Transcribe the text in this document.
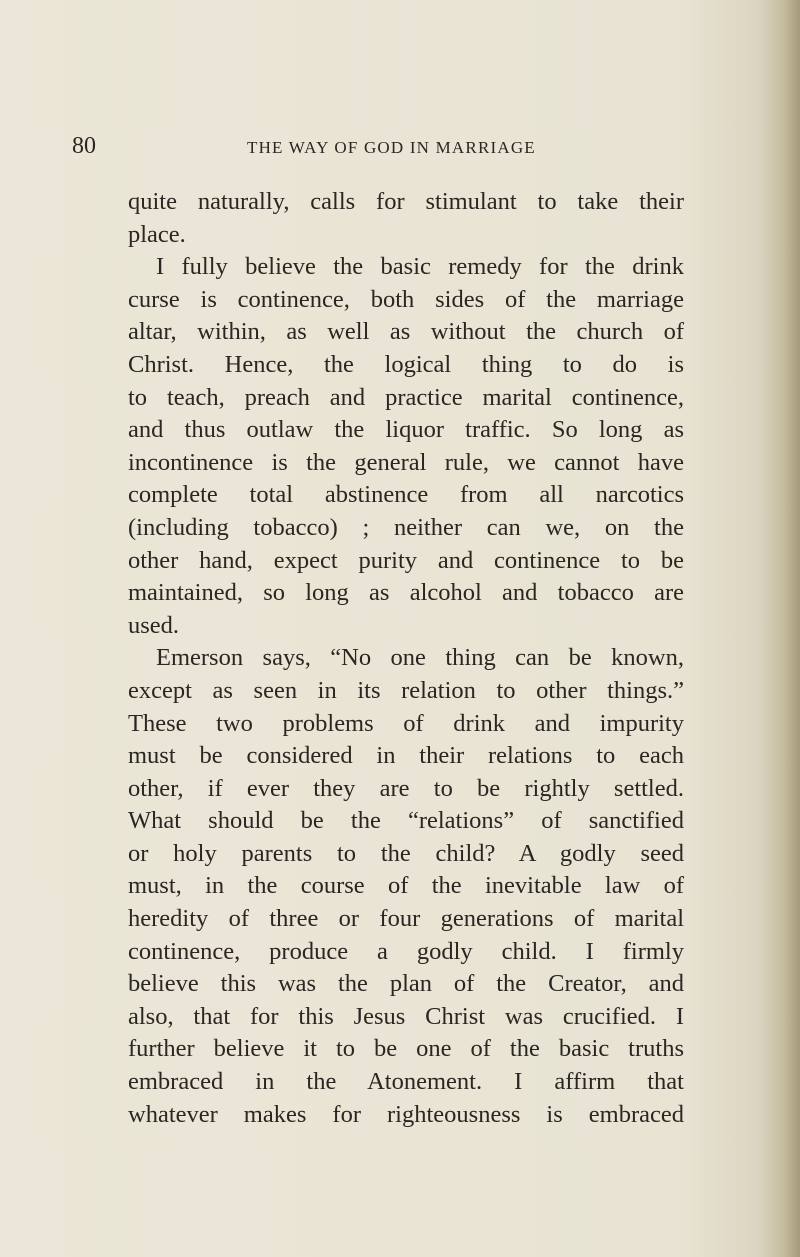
80	THE WAY OF GOD IN MARRIAGE
quite naturally, calls for stimulant to take their
place.
I fully believe the basic remedy for the drink
curse is continence, both sides of the marriage
altar, within, as well as without the church of
Christ. Hence, the logical thing to do is
to teach, preach and practice marital continence,
and thus outlaw the liquor traffic. So long as
incontinence is the general rule, we cannot have
complete total abstinence from all narcotics
(including tobacco) ; neither can we, on the
other hand, expect purity and continence to be
maintained, so long as alcohol and tobacco are
used.
Emerson says, “No one thing can be known,
except as seen in its relation to other things.”
These two problems of drink and impurity
must be considered in their relations to each
other, if ever they are to be rightly settled.
What should be the “relations” of sanctified
or holy parents to the child? A godly seed
must, in the course of the inevitable law of
heredity of three or four generations of marital
continence, produce a godly child. I firmly
believe this was the plan of the Creator, and
also, that for this Jesus Christ was crucified. I
further believe it to be one of the basic truths
embraced in the Atonement. I affirm that
whatever makes for righteousness is embraced
